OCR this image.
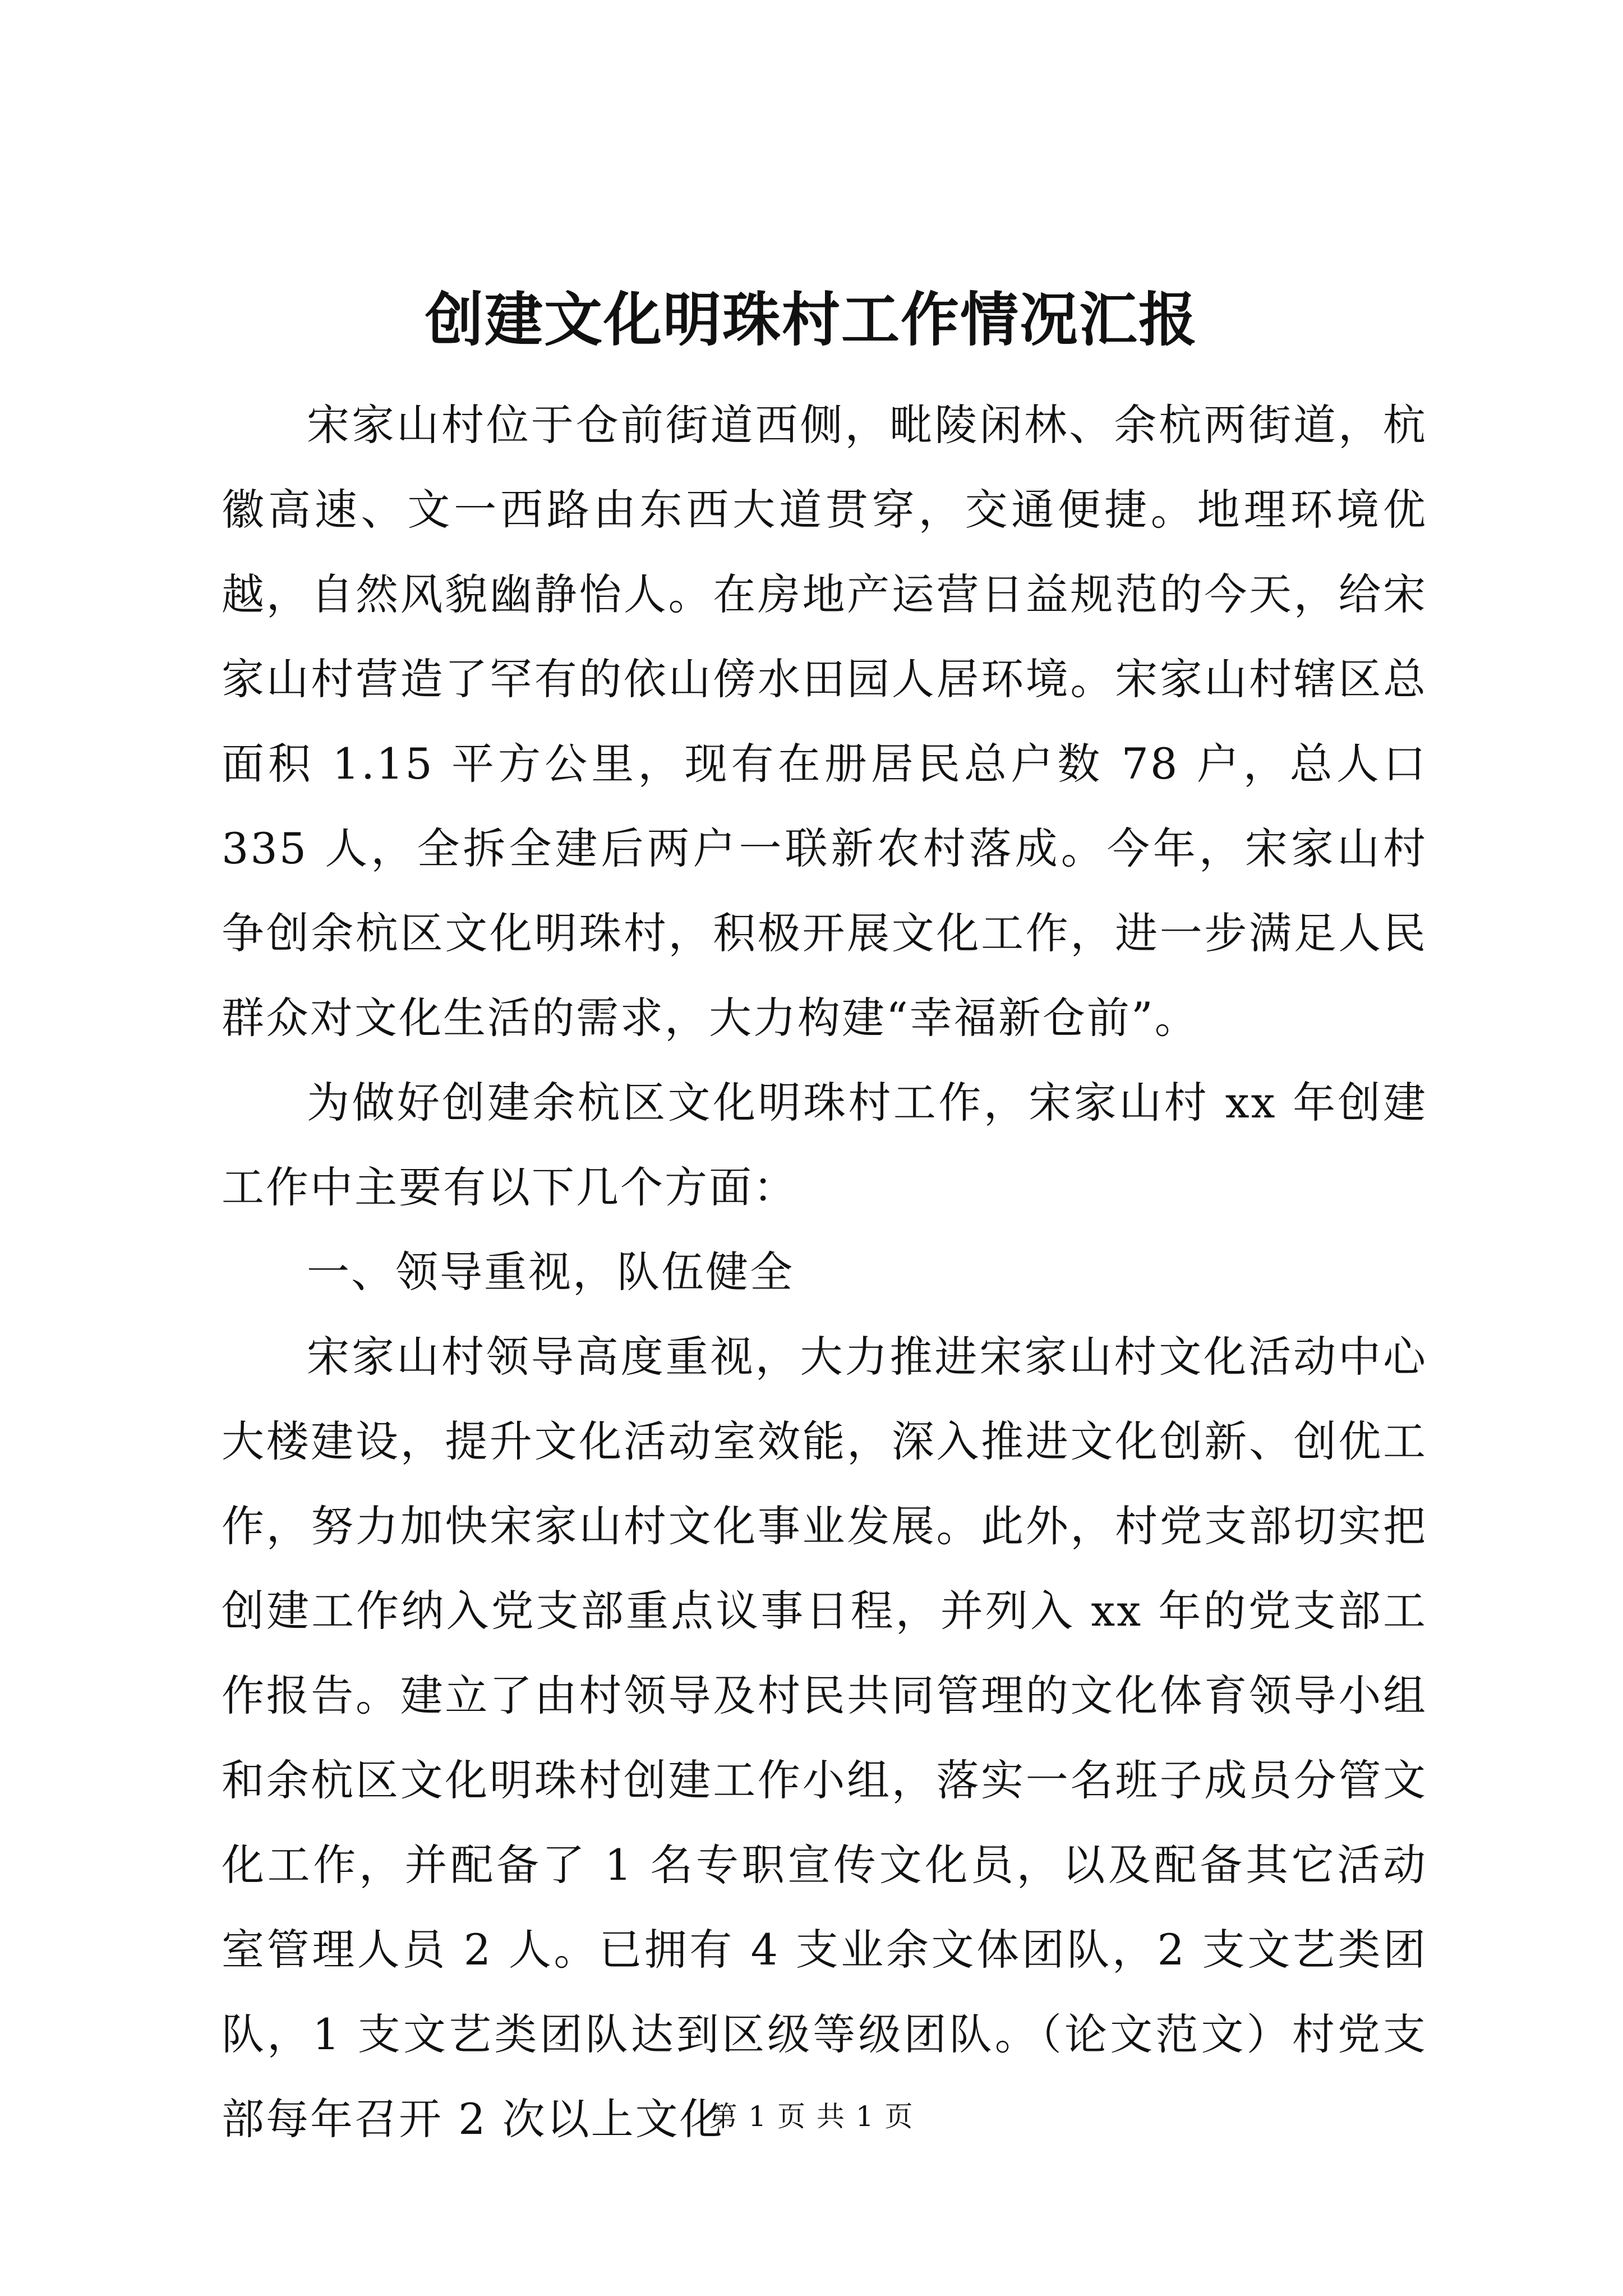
创建文化明珠村工作情况汇报

宋家山村位于仓前街道西侧，毗陵闲林、余杭两街道，杭徽高速、文一西路由东西大道贯穿，交通便捷。地理环境优越，自然风貌幽静怡人。在房地产运营日益规范的今天，给宋家山村营造了罕有的依山傍水田园人居环境。宋家山村辖区总面积 1.15 平方公里，现有在册居民总户数 78 户，总人口 335 人，全拆全建后两户一联新农村落成。今年，宋家山村争创余杭区文化明珠村，积极开展文化工作，进一步满足人民群众对文化生活的需求，大力构建“幸福新仓前”。

为做好创建余杭区文化明珠村工作，宋家山村 xx 年创建工作中主要有以下几个方面：

一、领导重视，队伍健全

宋家山村领导高度重视，大力推进宋家山村文化活动中心大楼建设，提升文化活动室效能，深入推进文化创新、创优工作，努力加快宋家山村文化事业发展。此外，村党支部切实把创建工作纳入党支部重点议事日程，并列入 xx 年的党支部工作报告。建立了由村领导及村民共同管理的文化体育领导小组和余杭区文化明珠村创建工作小组，落实一名班子成员分管文化工作，并配备了 1 名专职宣传文化员，以及配备其它活动室管理人员 2 人。已拥有 4 支业余文体团队，2 支文艺类团队，1 支文艺类团队达到区级等级团队。（论文范文）村党支部每年召开 2 次以上文化

第 1 页 共 1 页
